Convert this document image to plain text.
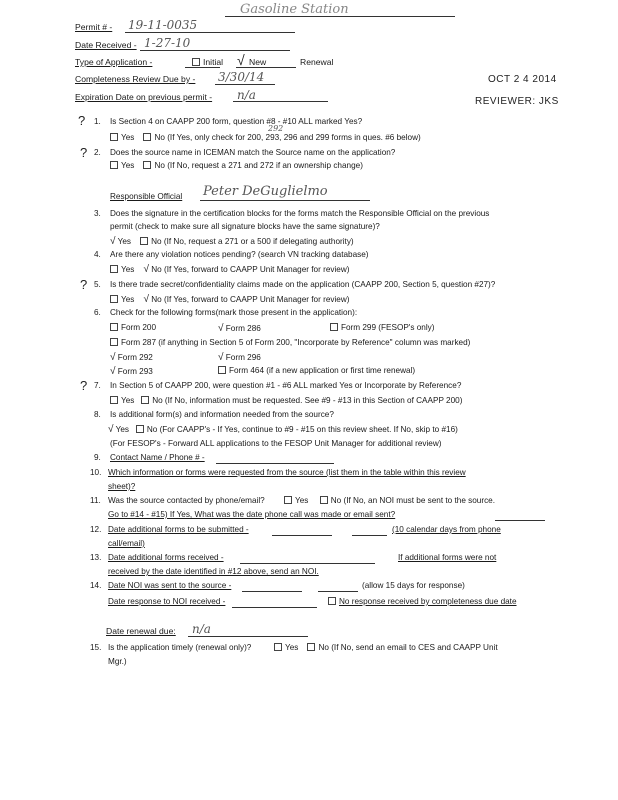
Gasoline Station
Permit # - 19-11-0035
Date Received - 1-27-10
Type of Application -	Initial √ New	Renewal
Completeness Review Due by - 3/30/14
Expiration Date on previous permit - n/a
OCT 2 4 2014
REVIEWER: JKS
? 1. Is Section 4 on CAAPP 200 form, question #8 - #10 ALL marked Yes?
292
Yes No (If Yes, only check for 200, 293, 296 and 299 forms in ques. #6 below)
? 2. Does the source name in ICEMAN match the Source name on the application?
Yes No (If No, request a 271 and 272 if an ownership change)
Responsible Official Peter DeGuglielmo
3. Does the signature in the certification blocks for the forms match the Responsible Official on the previous
permit (check to make sure all signature blocks have the same signature)?
√ Yes No (If No, request a 271 or a 500 if delegating authority)
4. Are there any violation notices pending? (search VN tracking database)
Yes √ No (If Yes, forward to CAAPP Unit Manager for review)
? 5. Is there trade secret/confidentiality claims made on the application (CAAPP 200, Section 5, question #27)?
Yes √ No (If Yes, forward to CAAPP Unit Manager for review)
6. Check for the following forms(mark those present in the application):
Form 200	√ Form 286	Form 299 (FESOP's only)
Form 287 (if anything in Section 5 of Form 200, "Incorporate by Reference" column was marked)
√ Form 292	√ Form 296
√ Form 293	Form 464 (if a new application or first time renewal)
? 7. In Section 5 of CAAPP 200, were question #1 - #6 ALL marked Yes or Incorporate by Reference?
Yes No (If No, information must be requested. See #9 - #13 in this Section of CAAPP 200)
8. Is additional form(s) and information needed from the source?
√ Yes No (For CAAPP's - If Yes, continue to #9 - #15 on this review sheet. If No, skip to #16)
(For FESOP's - Forward ALL applications to the FESOP Unit Manager for additional review)
9. Contact Name / Phone # -
10. Which information or forms were requested from the source (list them in the table within this review
sheet)?
11. Was the source contacted by phone/email?	Yes	No (If No, an NOI must be sent to the source.
Go to #14 - #15) If Yes, What was the date phone call was made or email sent?
12. Date additional forms to be submitted -	(10 calendar days from phone
call/email)
13. Date additional forms received -	If additional forms were not
received by the date identified in #12 above, send an NOI.
14. Date NOI was sent to the source -	(allow 15 days for response)
Date response to NOI received -	No response received by completeness due date
Date renewal due: n/a
15. Is the application timely (renewal only)?	Yes No (If No, send an email to CES and CAAPP Unit
Mgr.)
